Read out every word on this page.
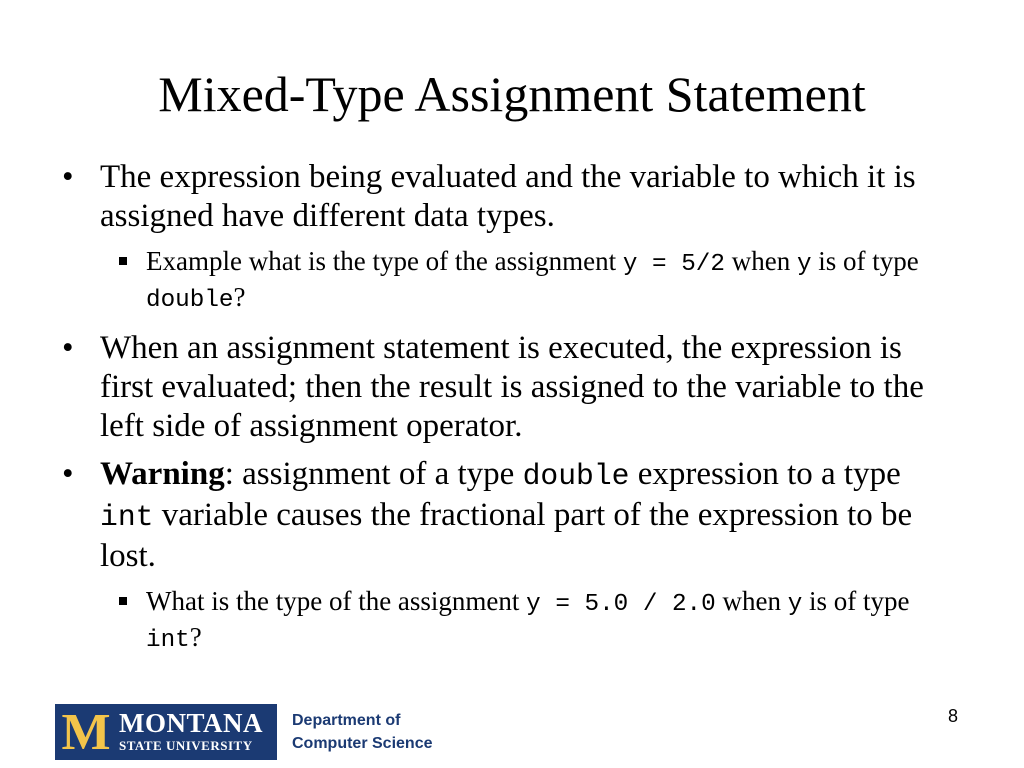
Mixed-Type Assignment Statement
• The expression being evaluated and the variable to which it is assigned have different data types.
Example what is the type of the assignment y = 5/2 when y is of type double?
• When an assignment statement is executed, the expression is first evaluated; then the result is assigned to the variable to the left side of assignment operator.
• Warning: assignment of a type double expression to a type int variable causes the fractional part of the expression to be lost.
What is the type of the assignment y = 5.0 / 2.0 when y is of type int?
M MONTANA
STATE UNIVERSITY
Department of
Computer Science
8
